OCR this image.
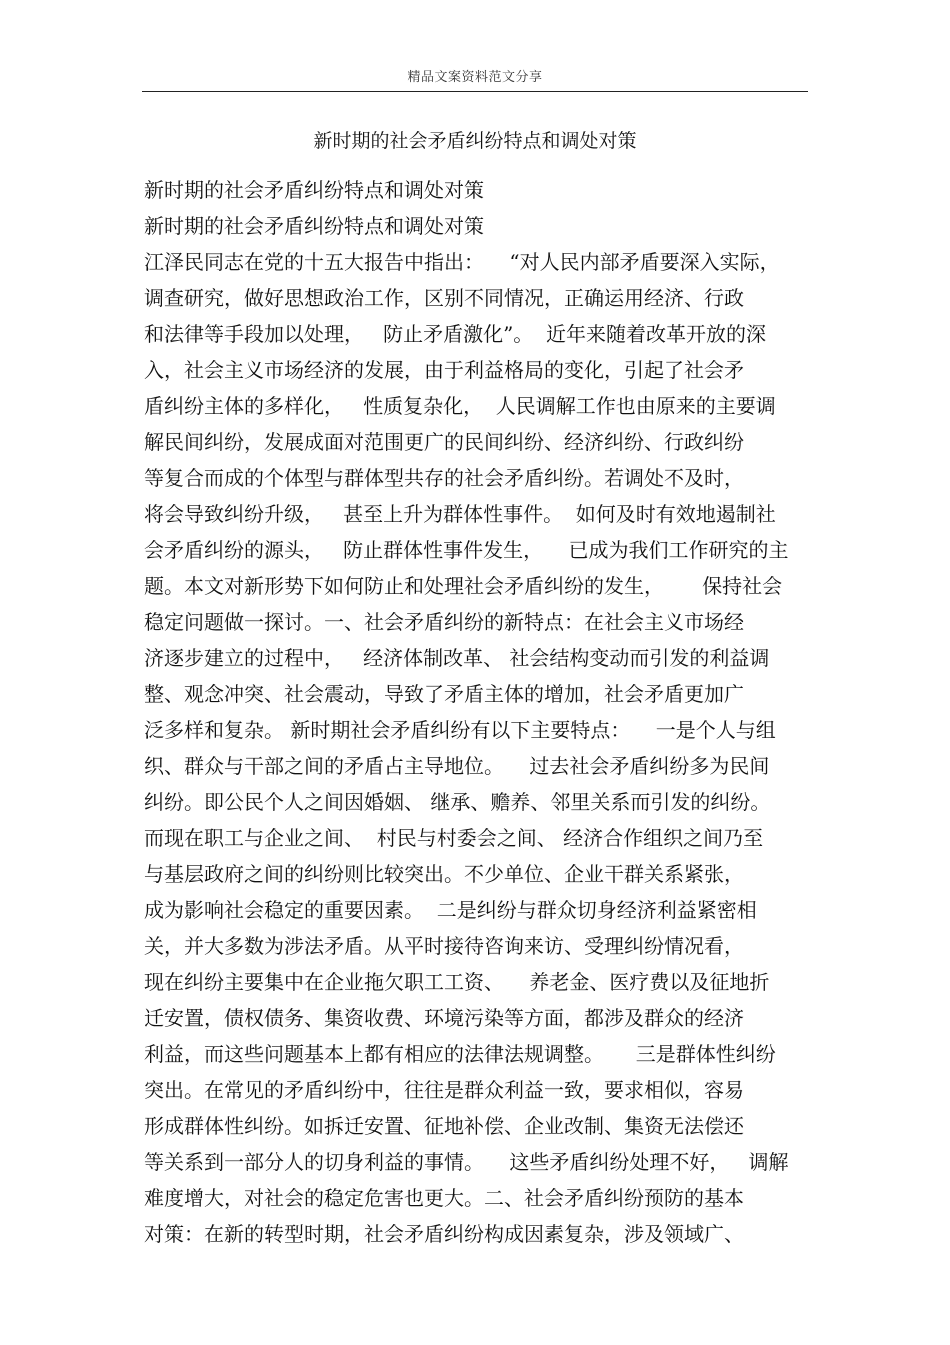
精品文案资料范文分享
新时期的社会矛盾纠纷特点和调处对策
新时期的社会矛盾纠纷特点和调处对策
新时期的社会矛盾纠纷特点和调处对策
江泽民同志在党的十五大报告中指出：    “对人民内部矛盾要深入实际，
调查研究，做好思想政治工作，区别不同情况，正确运用经济、行政
和法律等手段加以处理，   防止矛盾激化”。  近年来随着改革开放的深
入，社会主义市场经济的发展，由于利益格局的变化，引起了社会矛
盾纠纷主体的多样化，   性质复杂化，  人民调解工作也由原来的主要调
解民间纠纷，发展成面对范围更广的民间纠纷、经济纠纷、行政纠纷
等复合而成的个体型与群体型共存的社会矛盾纠纷。若调处不及时，
将会导致纠纷升级，   甚至上升为群体性事件。  如何及时有效地遏制社
会矛盾纠纷的源头，   防止群体性事件发生，    已成为我们工作研究的主
题。本文对新形势下如何防止和处理社会矛盾纠纷的发生，      保持社会
稳定问题做一探讨。一、社会矛盾纠纷的新特点：在社会主义市场经
济逐步建立的过程中，   经济体制改革、 社会结构变动而引发的利益调
整、观念冲突、社会震动，导致了矛盾主体的增加，社会矛盾更加广
泛多样和复杂。 新时期社会矛盾纠纷有以下主要特点：    一是个人与组
织、群众与干部之间的矛盾占主导地位。    过去社会矛盾纠纷多为民间
纠纷。即公民个人之间因婚姻、 继承、赡养、邻里关系而引发的纠纷。
而现在职工与企业之间、  村民与村委会之间、 经济合作组织之间乃至
与基层政府之间的纠纷则比较突出。不少单位、企业干群关系紧张，
成为影响社会稳定的重要因素。  二是纠纷与群众切身经济利益紧密相
关，并大多数为涉法矛盾。从平时接待咨询来访、受理纠纷情况看，
现在纠纷主要集中在企业拖欠职工工资、    养老金、医疗费以及征地折
迁安置，债权债务、集资收费、环境污染等方面，都涉及群众的经济
利益，而这些问题基本上都有相应的法律法规调整。     三是群体性纠纷
突出。在常见的矛盾纠纷中，往往是群众利益一致，要求相似，容易
形成群体性纠纷。如拆迁安置、征地补偿、企业改制、集资无法偿还
等关系到一部分人的切身利益的事情。    这些矛盾纠纷处理不好，   调解
难度增大，对社会的稳定危害也更大。二、社会矛盾纠纷预防的基本
对策：在新的转型时期，社会矛盾纠纷构成因素复杂，涉及领域广、
